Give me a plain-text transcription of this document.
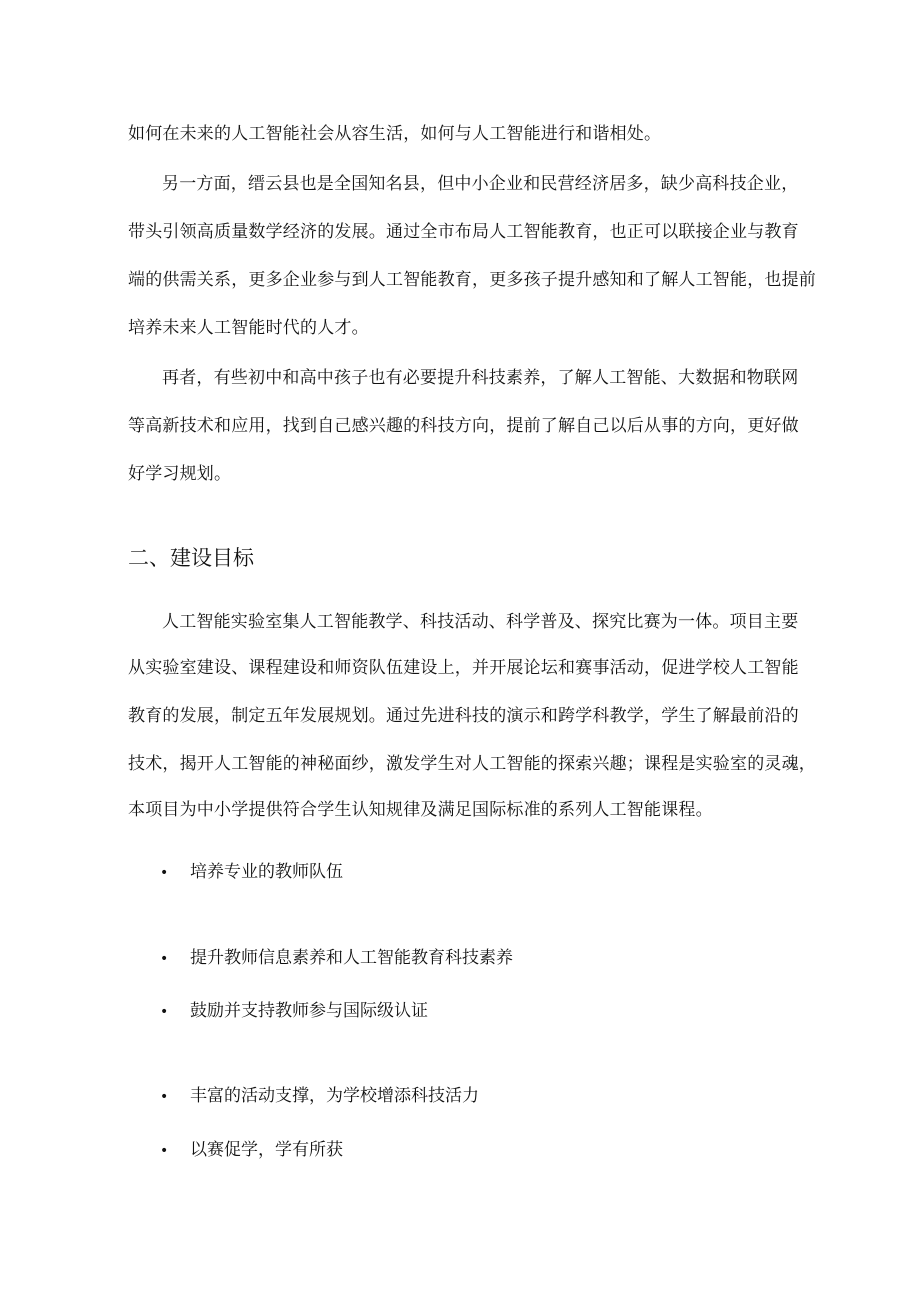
如何在未来的人工智能社会从容生活，如何与人工智能进行和谐相处。

另一方面，缙云县也是全国知名县，但中小企业和民营经济居多，缺少高科技企业，

带头引领高质量数学经济的发展。通过全市布局人工智能教育，也正可以联接企业与教育

端的供需关系，更多企业参与到人工智能教育，更多孩子提升感知和了解人工智能，也提前

培养未来人工智能时代的人才。

再者，有些初中和高中孩子也有必要提升科技素养，了解人工智能、大数据和物联网

等高新技术和应用，找到自己感兴趣的科技方向，提前了解自己以后从事的方向，更好做

好学习规划。

二、建设目标

人工智能实验室集人工智能教学、科技活动、科学普及、探究比赛为一体。项目主要

从实验室建设、课程建设和师资队伍建设上，并开展论坛和赛事活动，促进学校人工智能

教育的发展，制定五年发展规划。通过先进科技的演示和跨学科教学，学生了解最前沿的

技术，揭开人工智能的神秘面纱，激发学生对人工智能的探索兴趣；课程是实验室的灵魂，

本项目为中小学提供符合学生认知规律及满足国际标准的系列人工智能课程。

• 培养专业的教师队伍
• 提升教师信息素养和人工智能教育科技素养
• 鼓励并支持教师参与国际级认证
• 丰富的活动支撑，为学校增添科技活力
• 以赛促学，学有所获
